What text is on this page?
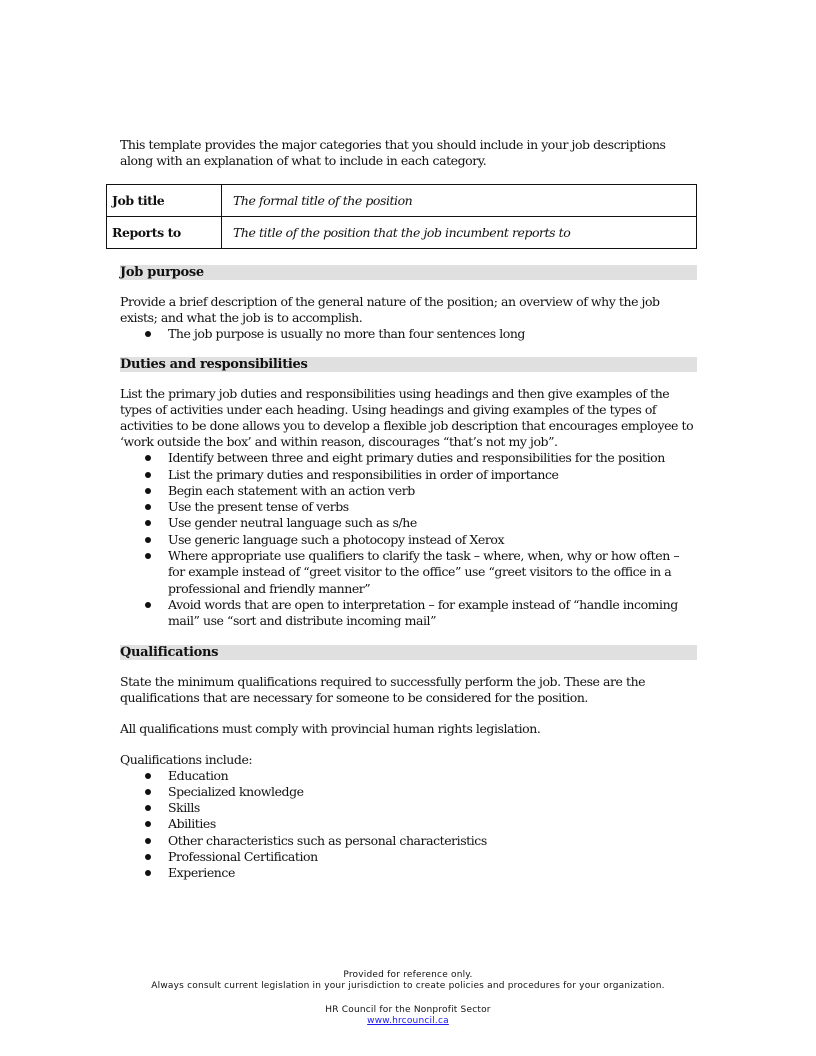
This template provides the major categories that you should include in your job descriptions along with an explanation of what to include in each category.

Job title	The formal title of the position
Reports to	The title of the position that the job incumbent reports to
Job purpose

Provide a brief description of the general nature of the position; an overview of why the job exists; and what the job is to accomplish.

The job purpose is usually no more than four sentences long
Duties and responsibilities

List the primary job duties and responsibilities using headings and then give examples of the types of activities under each heading. Using headings and giving examples of the types of activities to be done allows you to develop a flexible job description that encourages employee to ‘work outside the box’ and within reason, discourages “that’s not my job”.

Identify between three and eight primary duties and responsibilities for the position
List the primary duties and responsibilities in order of importance
Begin each statement with an action verb
Use the present tense of verbs
Use gender neutral language such as s/he
Use generic language such a photocopy instead of Xerox
Where appropriate use qualifiers to clarify the task – where, when, why or how often – for example instead of “greet visitor to the office” use “greet visitors to the office in a professional and friendly manner”
Avoid words that are open to interpretation – for example instead of “handle incoming mail” use “sort and distribute incoming mail”
Qualifications

State the minimum qualifications required to successfully perform the job. These are the qualifications that are necessary for someone to be considered for the position.

All qualifications must comply with provincial human rights legislation.

Qualifications include:

Education
Specialized knowledge
Skills
Abilities
Other characteristics such as personal characteristics
Professional Certification
Experience
Provided for reference only.
Always consult current legislation in your jurisdiction to create policies and procedures for your organization.
HR Council for the Nonprofit Sector
www.hrcouncil.ca
